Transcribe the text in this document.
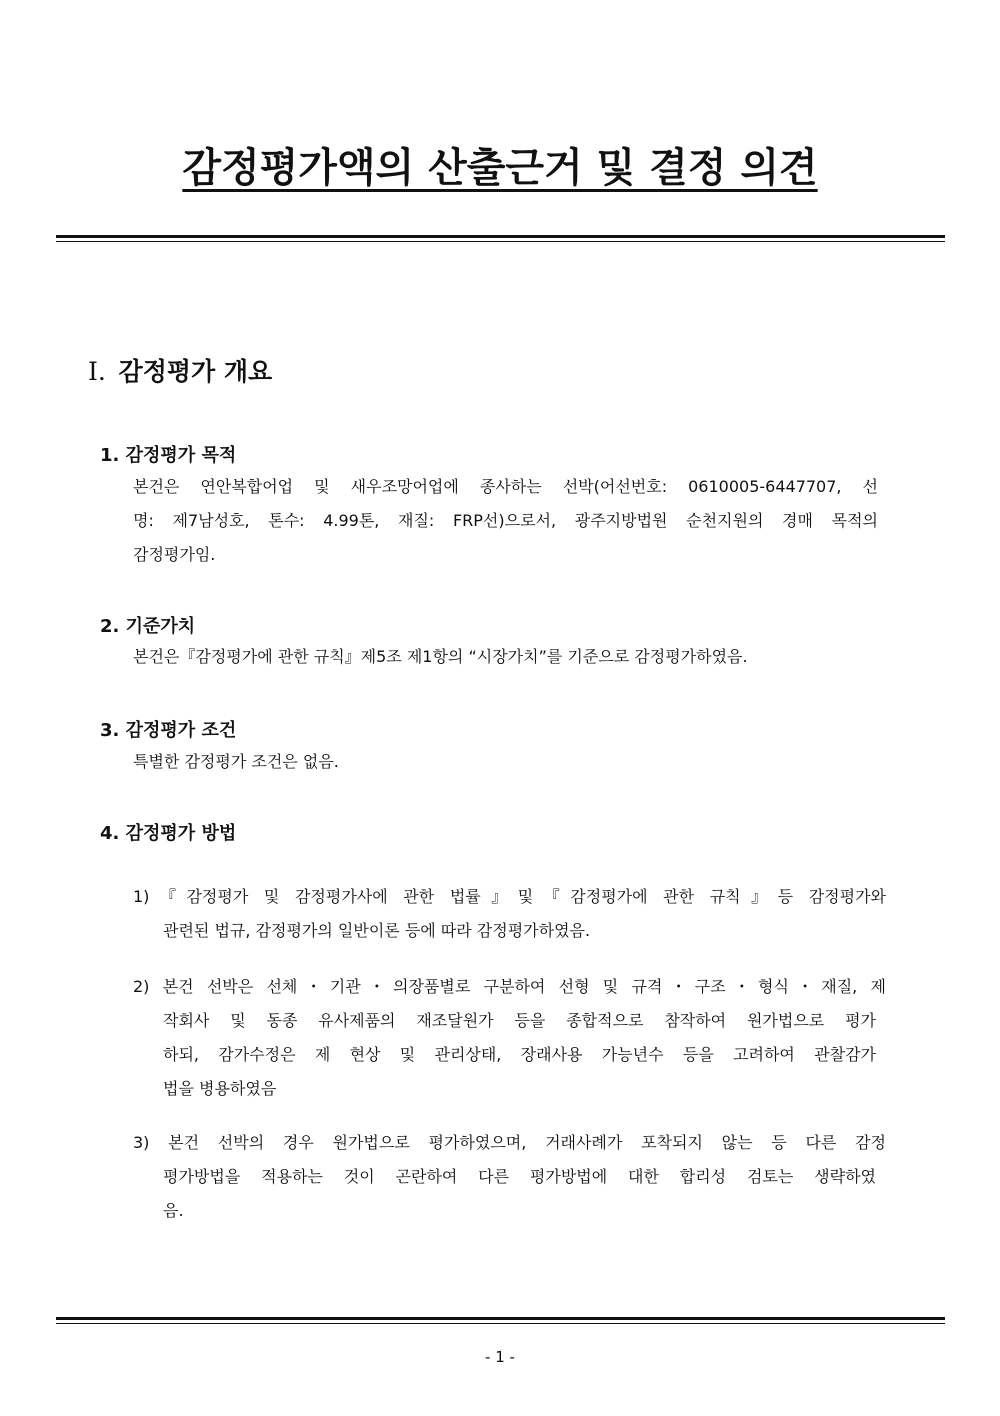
감정평가액의 산출근거 및 결정 의견
Ⅰ. 감정평가 개요
1. 감정평가 목적
본건은 연안복합어업 및 새우조망어업에 종사하는 선박(어선번호: 0610005-6447707, 선
명: 제7남성호, 톤수: 4.99톤, 재질: FRP선)으로서, 광주지방법원 순천지원의 경매 목적의
감정평가임.
2. 기준가치
본건은『감정평가에 관한 규칙』제5조 제1항의 “시장가치”를 기준으로 감정평가하였음.
3. 감정평가 조건
특별한 감정평가 조건은 없음.
4. 감정평가 방법
1)『감정평가 및 감정평가사에 관한 법률』및『감정평가에 관한 규칙』등 감정평가와
관련된 법규, 감정평가의 일반이론 등에 따라 감정평가하였음.
2) 본건 선박은 선체・기관・의장품별로 구분하여 선형 및 규격・구조・형식・재질, 제
작회사 및 동종 유사제품의 재조달원가 등을 종합적으로 참작하여 원가법으로 평가
하되, 감가수정은 제 현상 및 관리상태, 장래사용 가능년수 등을 고려하여 관찰감가
법을 병용하였음
3) 본건 선박의 경우 원가법으로 평가하였으며, 거래사례가 포착되지 않는 등 다른 감정
평가방법을 적용하는 것이 곤란하여 다른 평가방법에 대한 합리성 검토는 생략하였
음.
- 1 -
